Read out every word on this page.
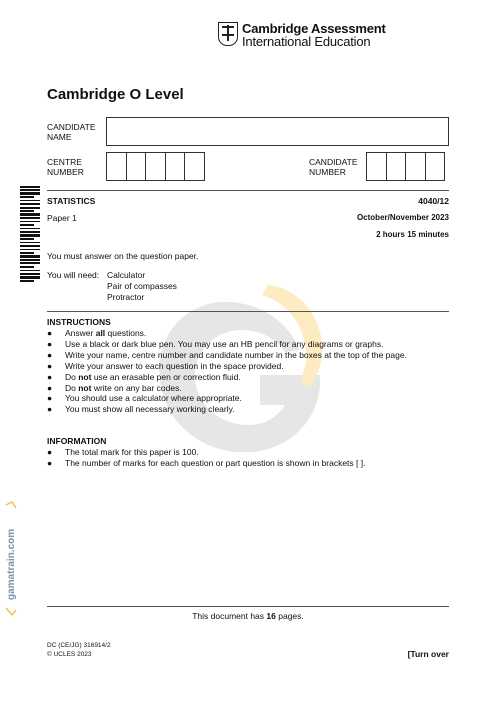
Cambridge Assessment
International Education
Cambridge O Level
CANDIDATE
NAME
CENTRE
NUMBER
CANDIDATE
NUMBER
STATISTICS	4040/12
Paper 1	October/November 2023
2 hours 15 minutes
You must answer on the question paper.
You will need: Calculator
Pair of compasses
Protractor
INSTRUCTIONS
●	Answer all questions.
●	Use a black or dark blue pen. You may use an HB pencil for any diagrams or graphs.
●	Write your name, centre number and candidate number in the boxes at the top of the page.
●	Write your answer to each question in the space provided.
●	Do not use an erasable pen or correction fluid.
●	Do not write on any bar codes.
●	You should use a calculator where appropriate.
●	You must show all necessary working clearly.
INFORMATION
●	The total mark for this paper is 100.
●	The number of marks for each question or part question is shown in brackets [ ].
gamatrain.com
This document has 16 pages.
DC (CE/JG) 316914/2
© UCLES 2023	[Turn over
